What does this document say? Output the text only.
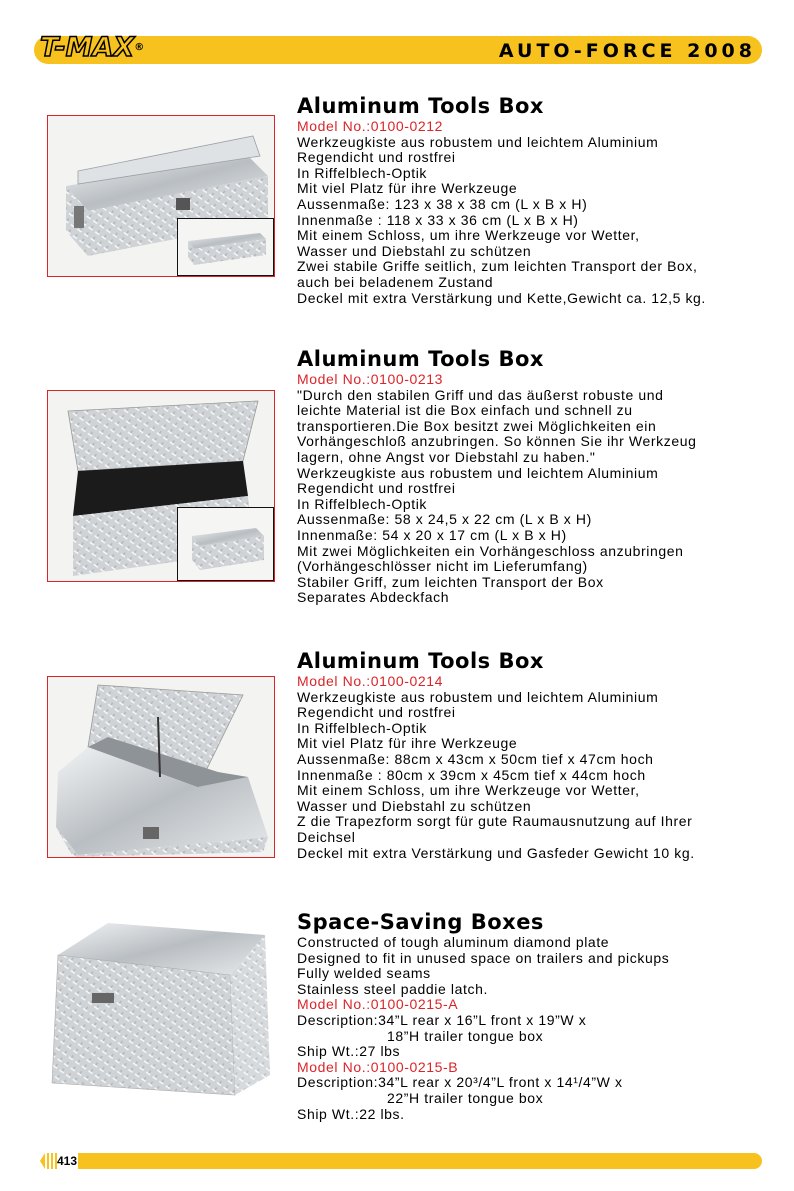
T-MAX®	AUTO-FORCE 2008
Aluminum Tools Box
Model No.:0100-0212
Werkzeugkiste aus robustem und leichtem Aluminium
Regendicht und rostfrei
In Riffelblech-Optik
Mit viel Platz für ihre Werkzeuge
Aussenmaße: 123 x 38 x 38 cm (L x B x H)
Innenmaße : 118 x 33 x 36 cm (L x B x H)
Mit einem Schloss, um ihre Werkzeuge vor Wetter,
Wasser und Diebstahl zu schützen
Zwei stabile Griffe seitlich, zum leichten Transport der Box,
auch bei beladenem Zustand
Deckel mit extra Verstärkung und Kette,Gewicht ca. 12,5 kg.
Aluminum Tools Box
Model No.:0100-0213
"Durch den stabilen Griff und das äußerst robuste und
leichte Material ist die Box einfach und schnell zu
transportieren.Die Box besitzt zwei Möglichkeiten ein
Vorhängeschloß anzubringen. So können Sie ihr Werkzeug
lagern, ohne Angst vor Diebstahl zu haben."
Werkzeugkiste aus robustem und leichtem Aluminium
Regendicht und rostfrei
In Riffelblech-Optik
Aussenmaße: 58 x 24,5 x 22 cm (L x B x H)
Innenmaße: 54 x 20 x 17 cm (L x B x H)
Mit zwei Möglichkeiten ein Vorhängeschloss anzubringen
(Vorhängeschlösser nicht im Lieferumfang)
Stabiler Griff, zum leichten Transport der Box
Separates Abdeckfach
Aluminum Tools Box
Model No.:0100-0214
Werkzeugkiste aus robustem und leichtem Aluminium
Regendicht und rostfrei
In Riffelblech-Optik
Mit viel Platz für ihre Werkzeuge
Aussenmaße: 88cm x 43cm x 50cm tief x 47cm hoch
Innenmaße : 80cm x 39cm x 45cm tief x 44cm hoch
Mit einem Schloss, um ihre Werkzeuge vor Wetter,
Wasser und Diebstahl zu schützen
Z die Trapezform sorgt für gute Raumausnutzung auf Ihrer
Deichsel
Deckel mit extra Verstärkung und Gasfeder Gewicht 10 kg.
Space-Saving Boxes
Constructed of tough aluminum diamond plate
Designed to fit in unused space on trailers and pickups
Fully welded seams
Stainless steel paddie latch.
Model No.:0100-0215-A
Description:34”L rear x 16”L front x 19”W x
18”H trailer tongue box
Ship Wt.:27 lbs
Model No.:0100-0215-B
Description:34”L rear x 20³/4”L front x 14¹/4”W x
22”H trailer tongue box
Ship Wt.:22 lbs.
413
